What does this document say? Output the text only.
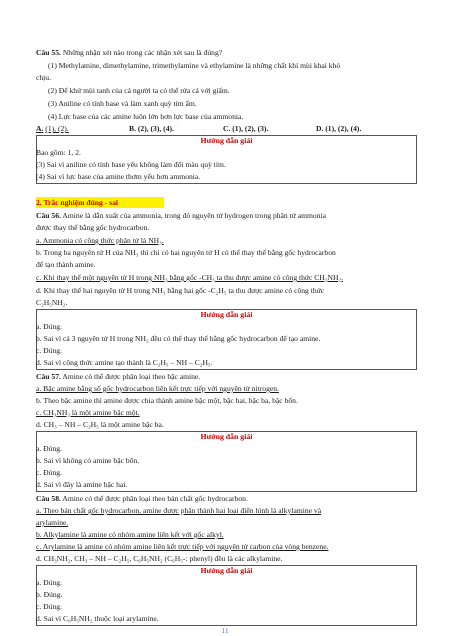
Câu 55. Những nhận xét nào trong các nhận xét sau là đúng?
(1) Methylamine, dimethylamine, trimethylamine và ethylamine là những chất khí mùi khai khó
chịu.
(2) Để khử mùi tanh của cá người ta có thể rửa cá với giấm.
(3) Aniline có tính base và làm xanh quỳ tím ẩm.
(4) Lực base của các amine luôn lớn hơn lực base của ammonia.
A. (1), (2).	B. (2), (3), (4).	C. (1), (2), (3).	D. (1), (2), (4).
Hướng dẫn giải
Bao gồm: 1, 2.
(3) Sai vì aniline có tính base yếu không làm đổi màu quỳ tím.
(4) Sai vì lực base của amine thơm yếu hơn ammonia.
2. Trắc nghiệm đúng - sai
Câu 56. Amine là dẫn xuất của ammonia, trong đó nguyên tử hydrogen trong phân tử ammonia
được thay thế bằng gốc hydrocarbon.
a. Ammonia có công thức phân tử là NH₃.
b. Trong ba nguyên tử H của NH₃ thì chỉ có hai nguyên tử H có thể thay thế bằng gốc hydrocarbon
để tạo thành amine.
c. Khi thay thế một nguyên tử H trong NH₃ bằng gốc -CH₃ ta thu được amine có công thức CH₃NH₂.
d. Khi thay thế hai nguyên tử H trong NH₃ bằng hai gốc -C₂H₅ ta thu được amine có công thức
C₂H₅NH₂.
Hướng dẫn giải
a. Đúng.
b. Sai vì cả 3 nguyên tử H trong NH₃ đều có thể thay thế bằng gốc hydrocarbon để tạo amine.
c. Đúng.
d. Sai vì công thức amine tạo thành là C₂H₅ – NH – C₂H₅.
Câu 57. Amine có thể được phân loại theo bậc amine.
a. Bậc amine bằng số gốc hydrocarbon liên kết trực tiếp với nguyên tử nitrogen.
b. Theo bậc amine thì amine được chia thành amine bậc một, bậc hai, bậc ba, bậc bốn.
c. CH₃NH₂ là một amine bậc một.
d. CH₃ – NH – C₂H₅ là một amine bậc ba.
Hướng dẫn giải
a. Đúng.
b. Sai vì không có amine bậc bốn.
c. Đúng.
d. Sai vì đây là amine bậc hai.
Câu 58. Amine có thể được phân loại theo bản chất gốc hydrocarbon.
a. Theo bản chất gốc hydrocarbon, amine được phân thành hai loại điển hình là alkylamine và
arylamine.
b. Alkylamine là amine có nhóm amine liên kết với gốc alkyl.
c. Arylamine là amine có nhóm amine liên kết trực tiếp với nguyên tử carbon của vòng benzene.
d. CH₃NH₂, CH₃ – NH – C₂H₅, C₆H₅NH₂ (C₆H₅-: phenyl) đều là các alkylamine.
Hướng dẫn giải
a. Đúng.
b. Đúng.
c. Đúng.
d. Sai vì C₆H₅NH₂ thuộc loại arylamine.
11
